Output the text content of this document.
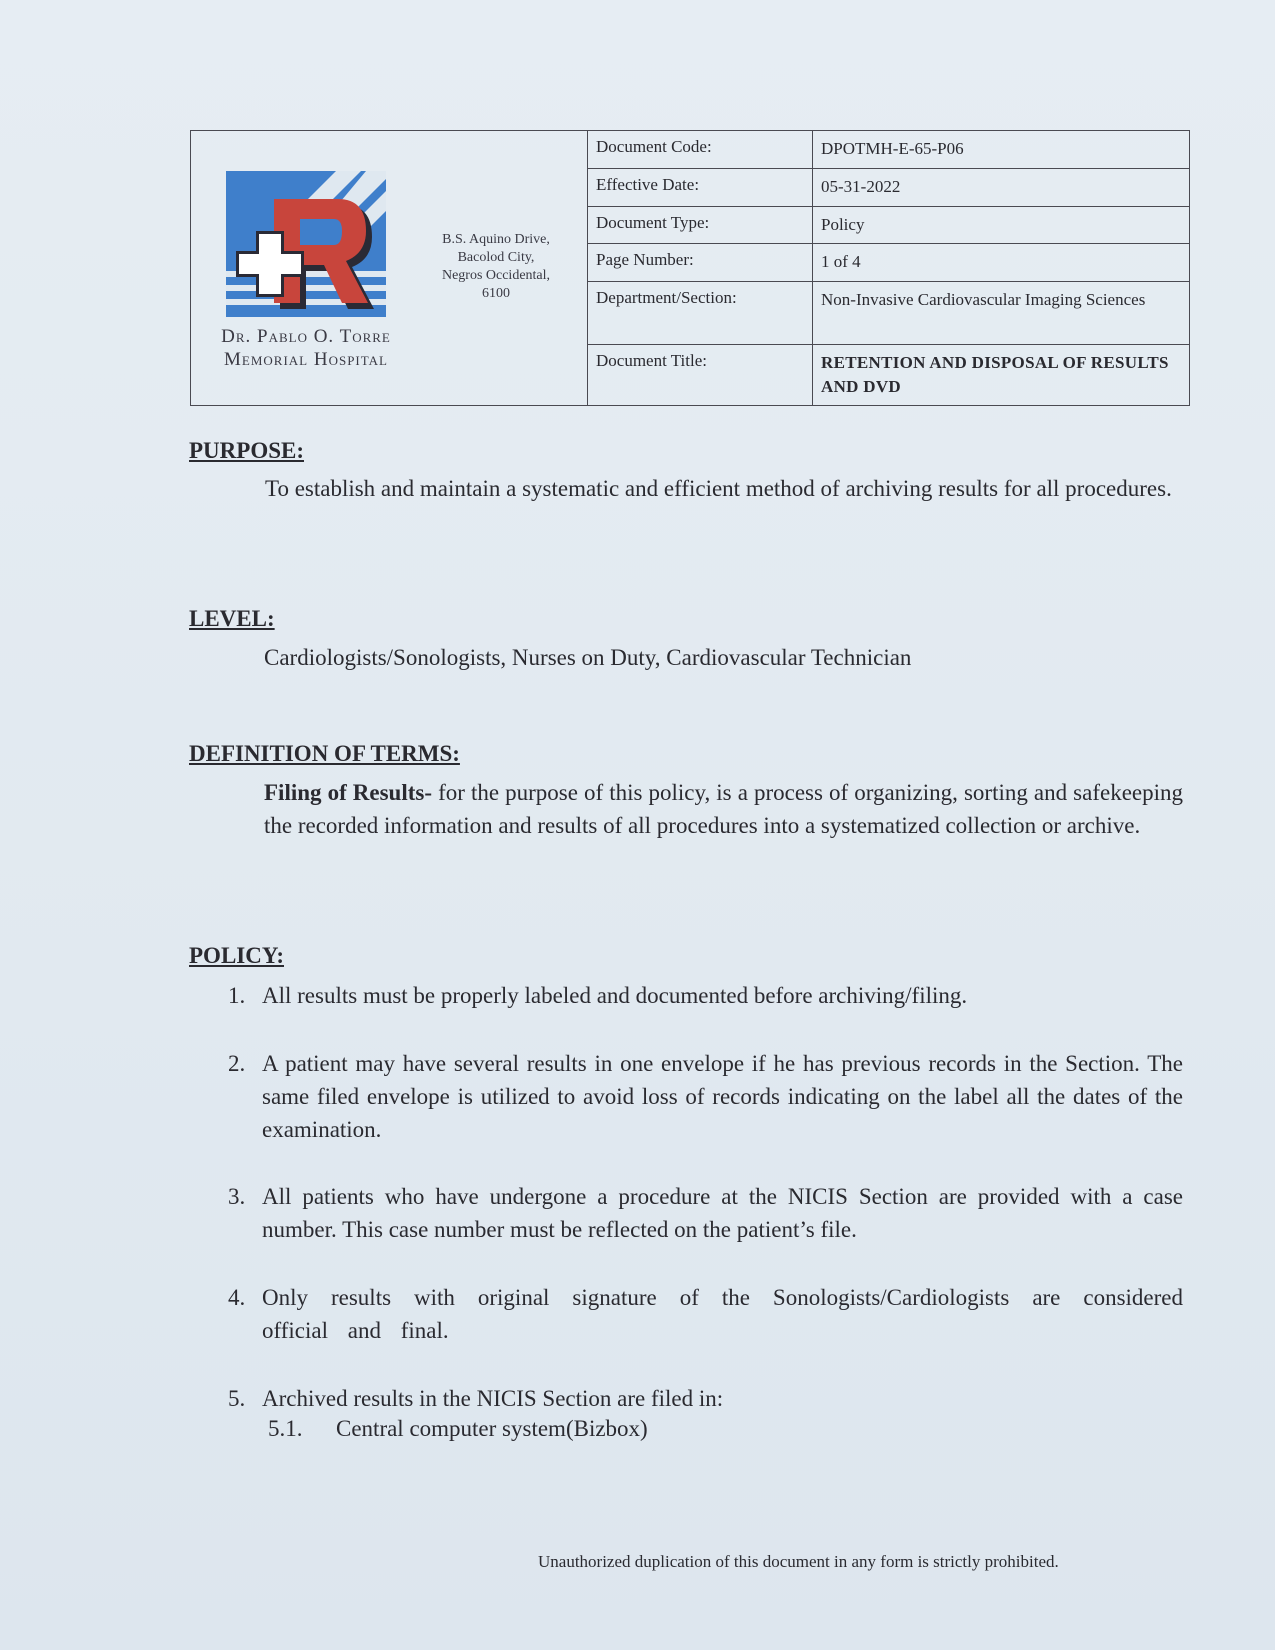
Dr. Pablo O. Torre
Memorial Hospital
B.S. Aquino Drive,
Bacolod City,
Negros Occidental,
6100
Document Code:	DPOTMH-E-65-P06
Effective Date:	05-31-2022
Document Type:	Policy
Page Number:	1 of 4
Department/Section:	Non-Invasive Cardiovascular Imaging Sciences
Document Title:	RETENTION AND DISPOSAL OF RESULTS AND DVD
PURPOSE:
To establish and maintain a systematic and efficient method of archiving results for all procedures.
LEVEL:
Cardiologists/Sonologists, Nurses on Duty, Cardiovascular Technician
DEFINITION OF TERMS:
Filing of Results- for the purpose of this policy, is a process of organizing, sorting and safekeeping the recorded information and results of all procedures into a systematized collection or archive.
POLICY:
1. All results must be properly labeled and documented before archiving/filing.
2. A patient may have several results in one envelope if he has previous records in the Section. The same filed envelope is utilized to avoid loss of records indicating on the label all the dates of the examination.
3. All patients who have undergone a procedure at the NICIS Section are provided with a case number. This case number must be reflected on the patient’s file.
4. Only results with original signature of the Sonologists/Cardiologists are considered official and final.
5. Archived results in the NICIS Section are filed in:
5.1.	Central computer system(Bizbox)
Unauthorized duplication of this document in any form is strictly prohibited.
